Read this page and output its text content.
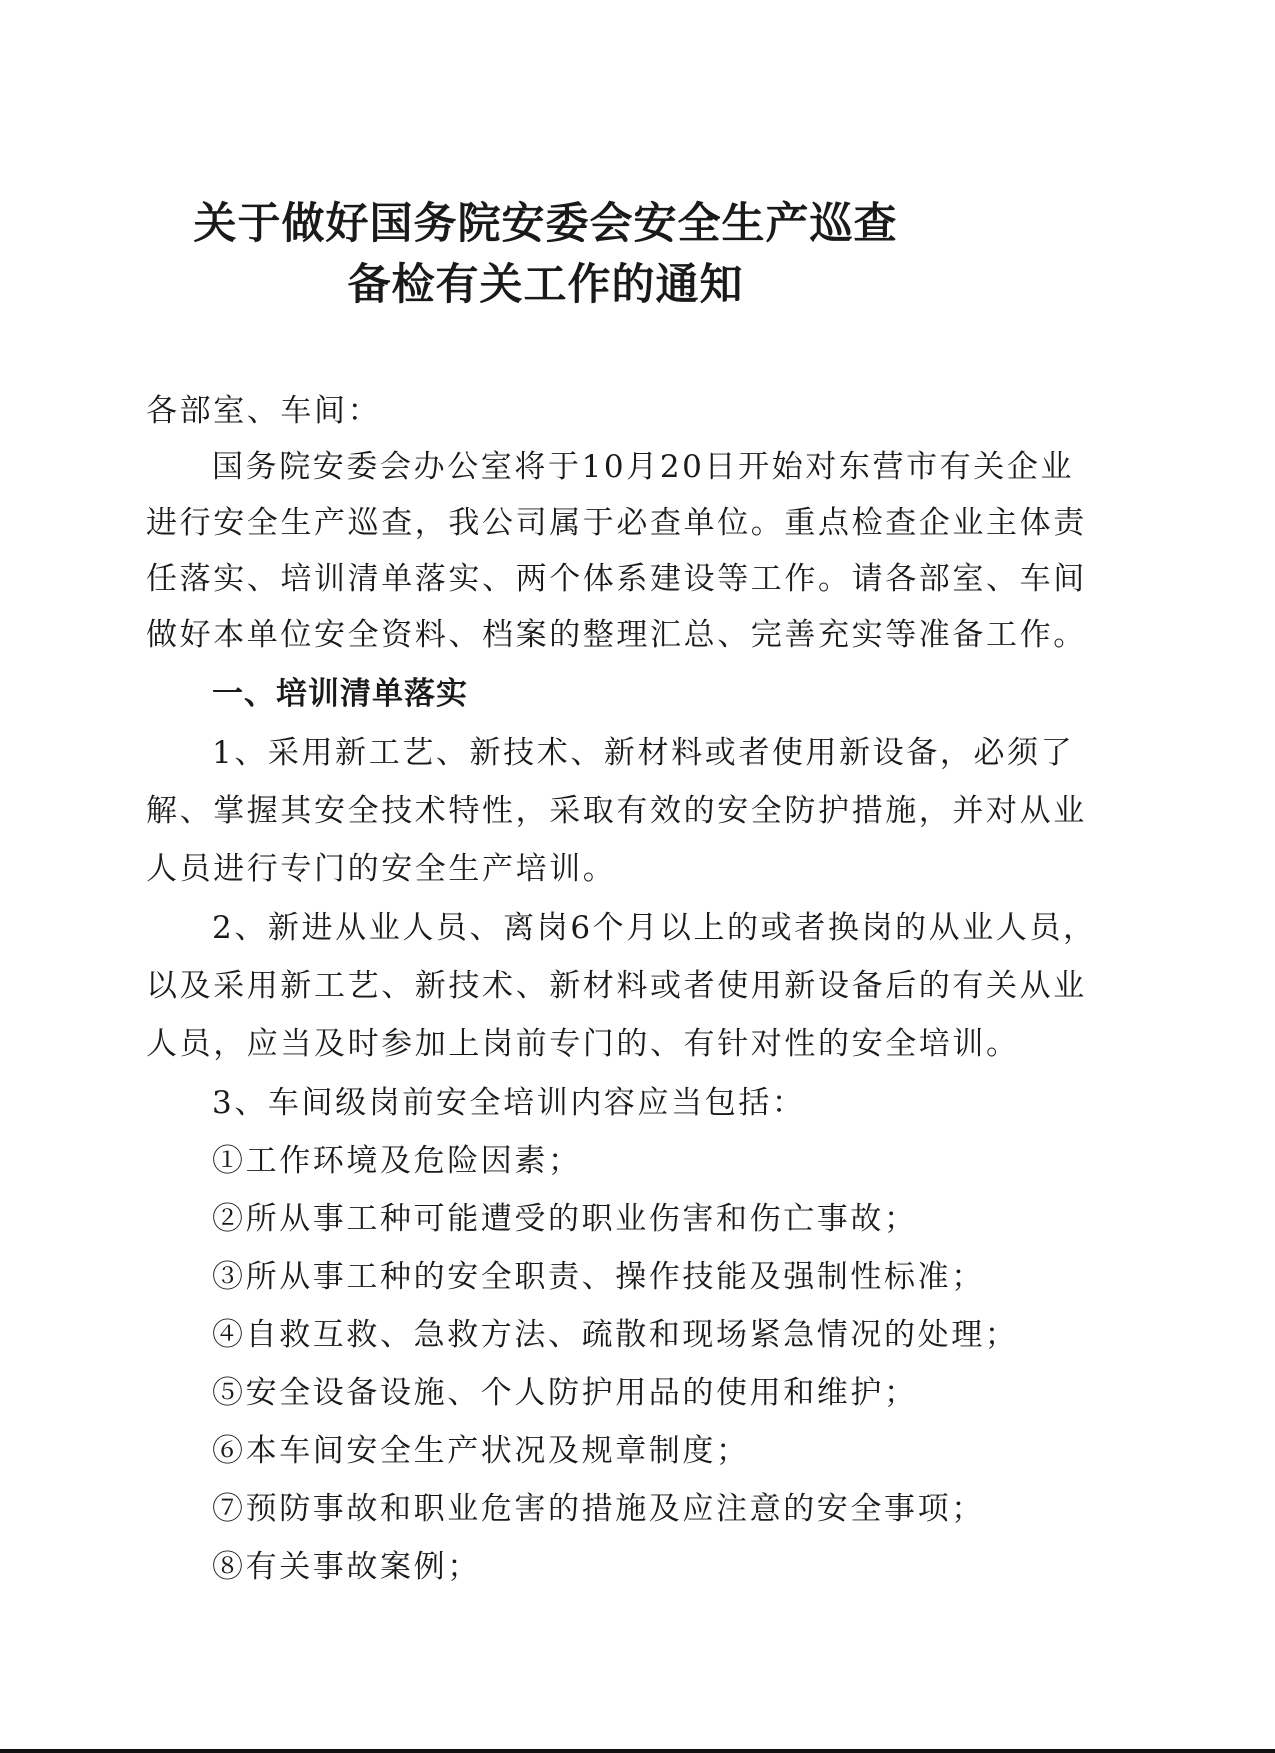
关于做好国务院安委会安全生产巡查
备检有关工作的通知
各部室、车间：
国务院安委会办公室将于10月20日开始对东营市有关企业
进行安全生产巡查，我公司属于必查单位。重点检查企业主体责
任落实、培训清单落实、两个体系建设等工作。请各部室、车间
做好本单位安全资料、档案的整理汇总、完善充实等准备工作。
一、培训清单落实
1、采用新工艺、新技术、新材料或者使用新设备，必须了
解、掌握其安全技术特性，采取有效的安全防护措施，并对从业
人员进行专门的安全生产培训。
2、新进从业人员、离岗6个月以上的或者换岗的从业人员，
以及采用新工艺、新技术、新材料或者使用新设备后的有关从业
人员，应当及时参加上岗前专门的、有针对性的安全培训。
3、车间级岗前安全培训内容应当包括：
①工作环境及危险因素；
②所从事工种可能遭受的职业伤害和伤亡事故；
③所从事工种的安全职责、操作技能及强制性标准；
④自救互救、急救方法、疏散和现场紧急情况的处理；
⑤安全设备设施、个人防护用品的使用和维护；
⑥本车间安全生产状况及规章制度；
⑦预防事故和职业危害的措施及应注意的安全事项；
⑧有关事故案例；
